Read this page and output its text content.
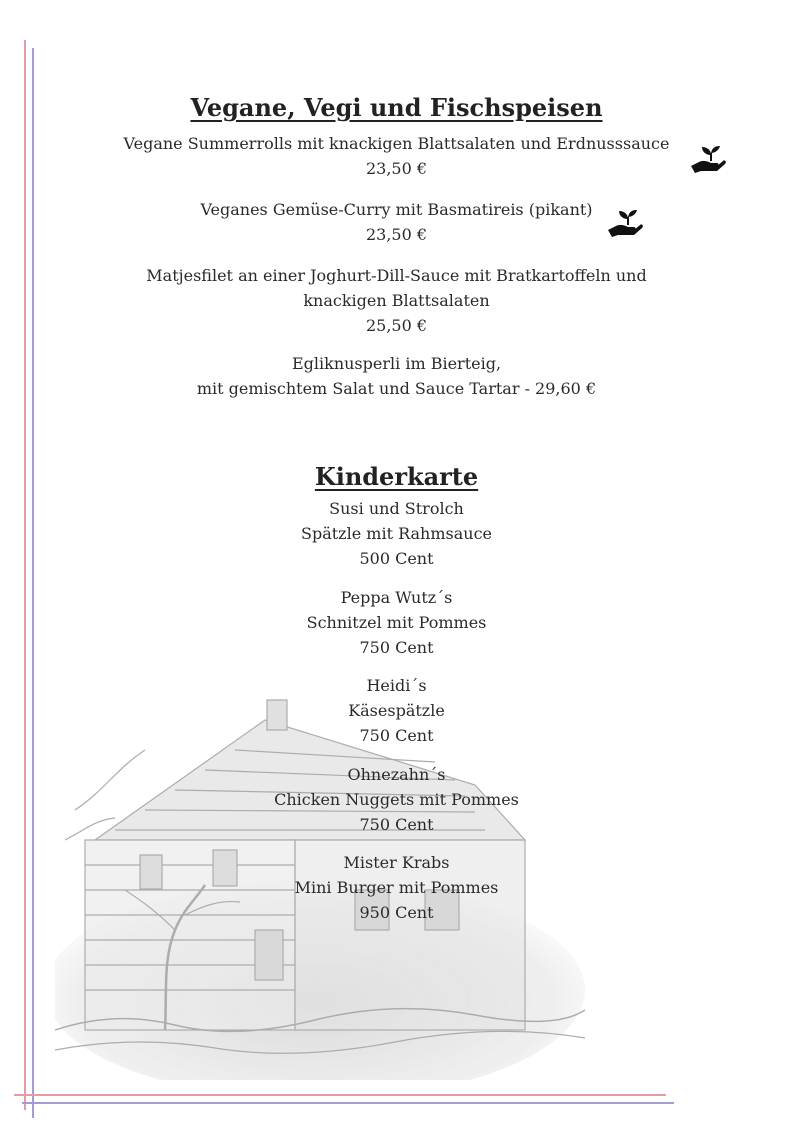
Vegane, Vegi und Fischspeisen
Vegane Summerrolls mit knackigen Blattsalaten und Erdnusssauce
23,50 €
Veganes Gemüse-Curry mit Basmatireis (pikant)
23,50 €
Matjesfilet an einer Joghurt-Dill-Sauce mit Bratkartoffeln und
knackigen Blattsalaten
25,50 €
Egliknusperli im Bierteig,
mit gemischtem Salat und Sauce Tartar - 29,60 €
Kinderkarte
Susi und Strolch
Spätzle mit Rahmsauce
500 Cent
Peppa Wutz´s
Schnitzel mit Pommes
750 Cent
Heidi´s
Käsespätzle
750 Cent
Ohnezahn´s
Chicken Nuggets mit Pommes
750 Cent
Mister Krabs
Mini Burger mit Pommes
950 Cent
